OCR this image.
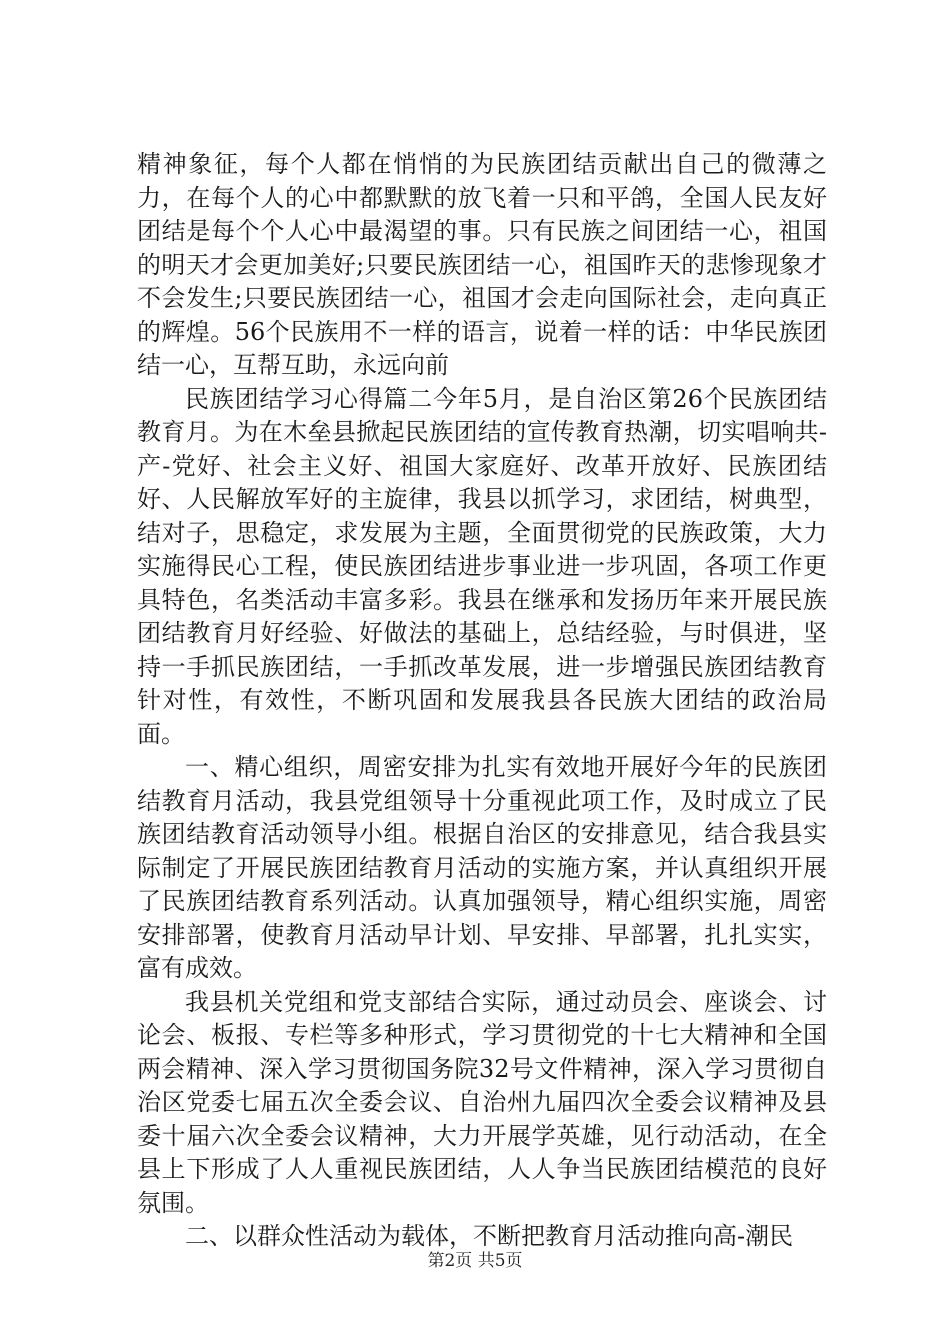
精神象征，每个人都在悄悄的为民族团结贡献出自己的微薄之力，在每个人的心中都默默的放飞着一只和平鸽，全国人民友好团结是每个个人心中最渴望的事。只有民族之间团结一心，祖国的明天才会更加美好;只要民族团结一心，祖国昨天的悲惨现象才不会发生;只要民族团结一心，祖国才会走向国际社会，走向真正的辉煌。56个民族用不一样的语言，说着一样的话：中华民族团结一心，互帮互助，永远向前

民族团结学习心得篇二今年5月，是自治区第26个民族团结教育月。为在木垒县掀起民族团结的宣传教育热潮，切实唱响共-产-党好、社会主义好、祖国大家庭好、改革开放好、民族团结好、人民解放军好的主旋律，我县以抓学习，求团结，树典型，结对子，思稳定，求发展为主题，全面贯彻党的民族政策，大力实施得民心工程，使民族团结进步事业进一步巩固，各项工作更具特色，名类活动丰富多彩。我县在继承和发扬历年来开展民族团结教育月好经验、好做法的基础上，总结经验，与时俱进，坚持一手抓民族团结，一手抓改革发展，进一步增强民族团结教育针对性，有效性，不断巩固和发展我县各民族大团结的政治局面。

一、精心组织，周密安排为扎实有效地开展好今年的民族团结教育月活动，我县党组领导十分重视此项工作，及时成立了民族团结教育活动领导小组。根据自治区的安排意见，结合我县实际制定了开展民族团结教育月活动的实施方案，并认真组织开展了民族团结教育系列活动。认真加强领导，精心组织实施，周密安排部署，使教育月活动早计划、早安排、早部署，扎扎实实，富有成效。

我县机关党组和党支部结合实际，通过动员会、座谈会、讨论会、板报、专栏等多种形式，学习贯彻党的十七大精神和全国两会精神、深入学习贯彻国务院32号文件精神，深入学习贯彻自治区党委七届五次全委会议、自治州九届四次全委会议精神及县委十届六次全委会议精神，大力开展学英雄，见行动活动，在全县上下形成了人人重视民族团结，人人争当民族团结模范的良好氛围。

二、以群众性活动为载体，不断把教育月活动推向高-潮民

第2页 共5页
